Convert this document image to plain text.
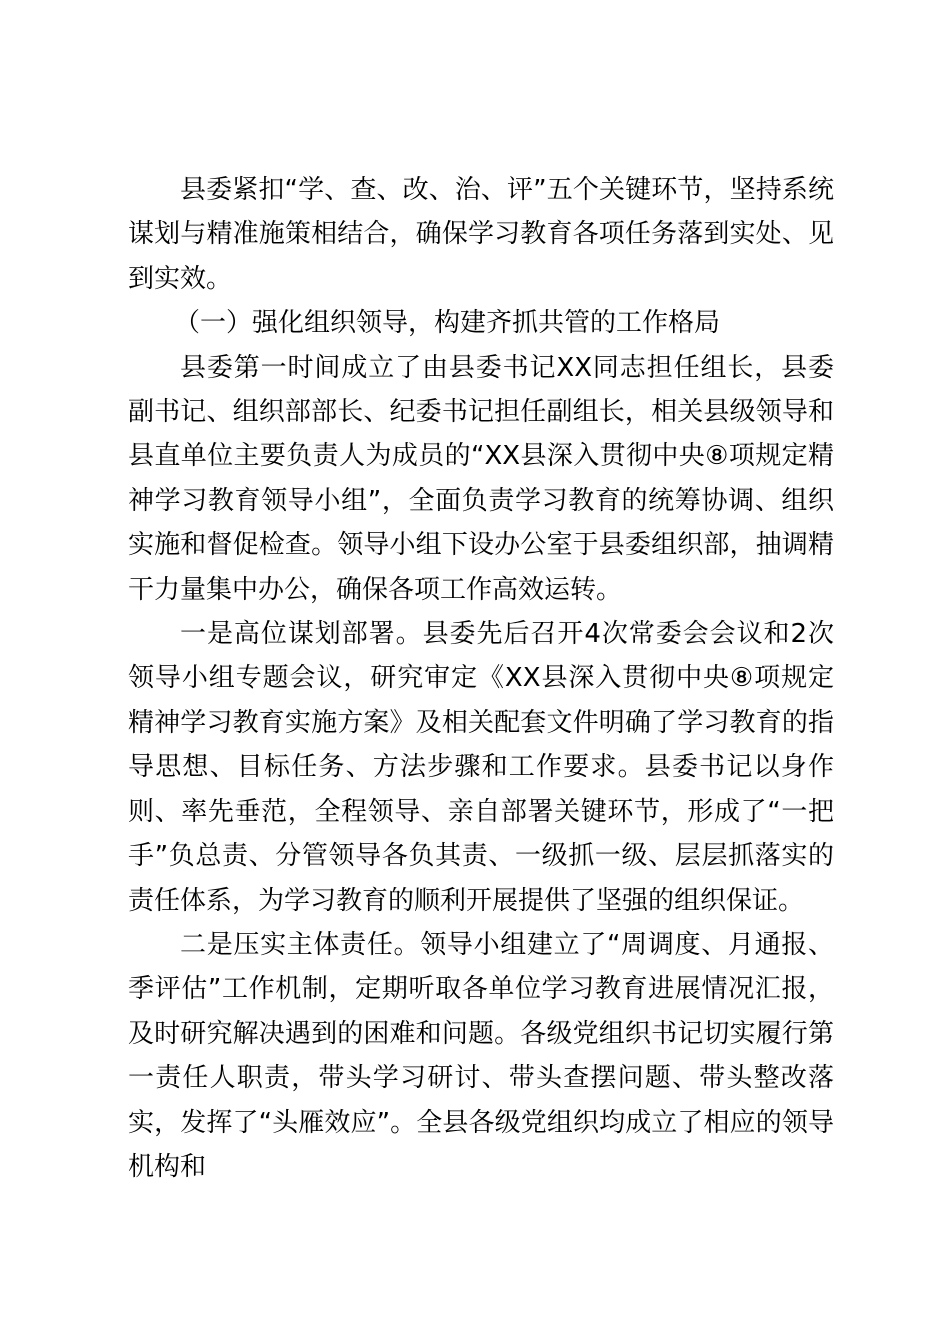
县委紧扣“学、查、改、治、评”五个关键环节，坚持系统谋划与精准施策相结合，确保学习教育各项任务落到实处、见到实效。

（一）强化组织领导，构建齐抓共管的工作格局

县委第一时间成立了由县委书记XX同志担任组长，县委副书记、组织部部长、纪委书记担任副组长，相关县级领导和县直单位主要负责人为成员的“XX县深入贯彻中央⑧项规定精神学习教育领导小组”，全面负责学习教育的统筹协调、组织实施和督促检查。领导小组下设办公室于县委组织部，抽调精干力量集中办公，确保各项工作高效运转。

一是高位谋划部署。县委先后召开4次常委会会议和2次领导小组专题会议，研究审定《XX县深入贯彻中央⑧项规定精神学习教育实施方案》及相关配套文件明确了学习教育的指导思想、目标任务、方法步骤和工作要求。县委书记以身作则、率先垂范，全程领导、亲自部署关键环节，形成了“一把手”负总责、分管领导各负其责、一级抓一级、层层抓落实的责任体系，为学习教育的顺利开展提供了坚强的组织保证。

二是压实主体责任。领导小组建立了“周调度、月通报、季评估”工作机制，定期听取各单位学习教育进展情况汇报，及时研究解决遇到的困难和问题。各级党组织书记切实履行第一责任人职责，带头学习研讨、带头查摆问题、带头整改落实，发挥了“头雁效应”。全县各级党组织均成立了相应的领导机构和
